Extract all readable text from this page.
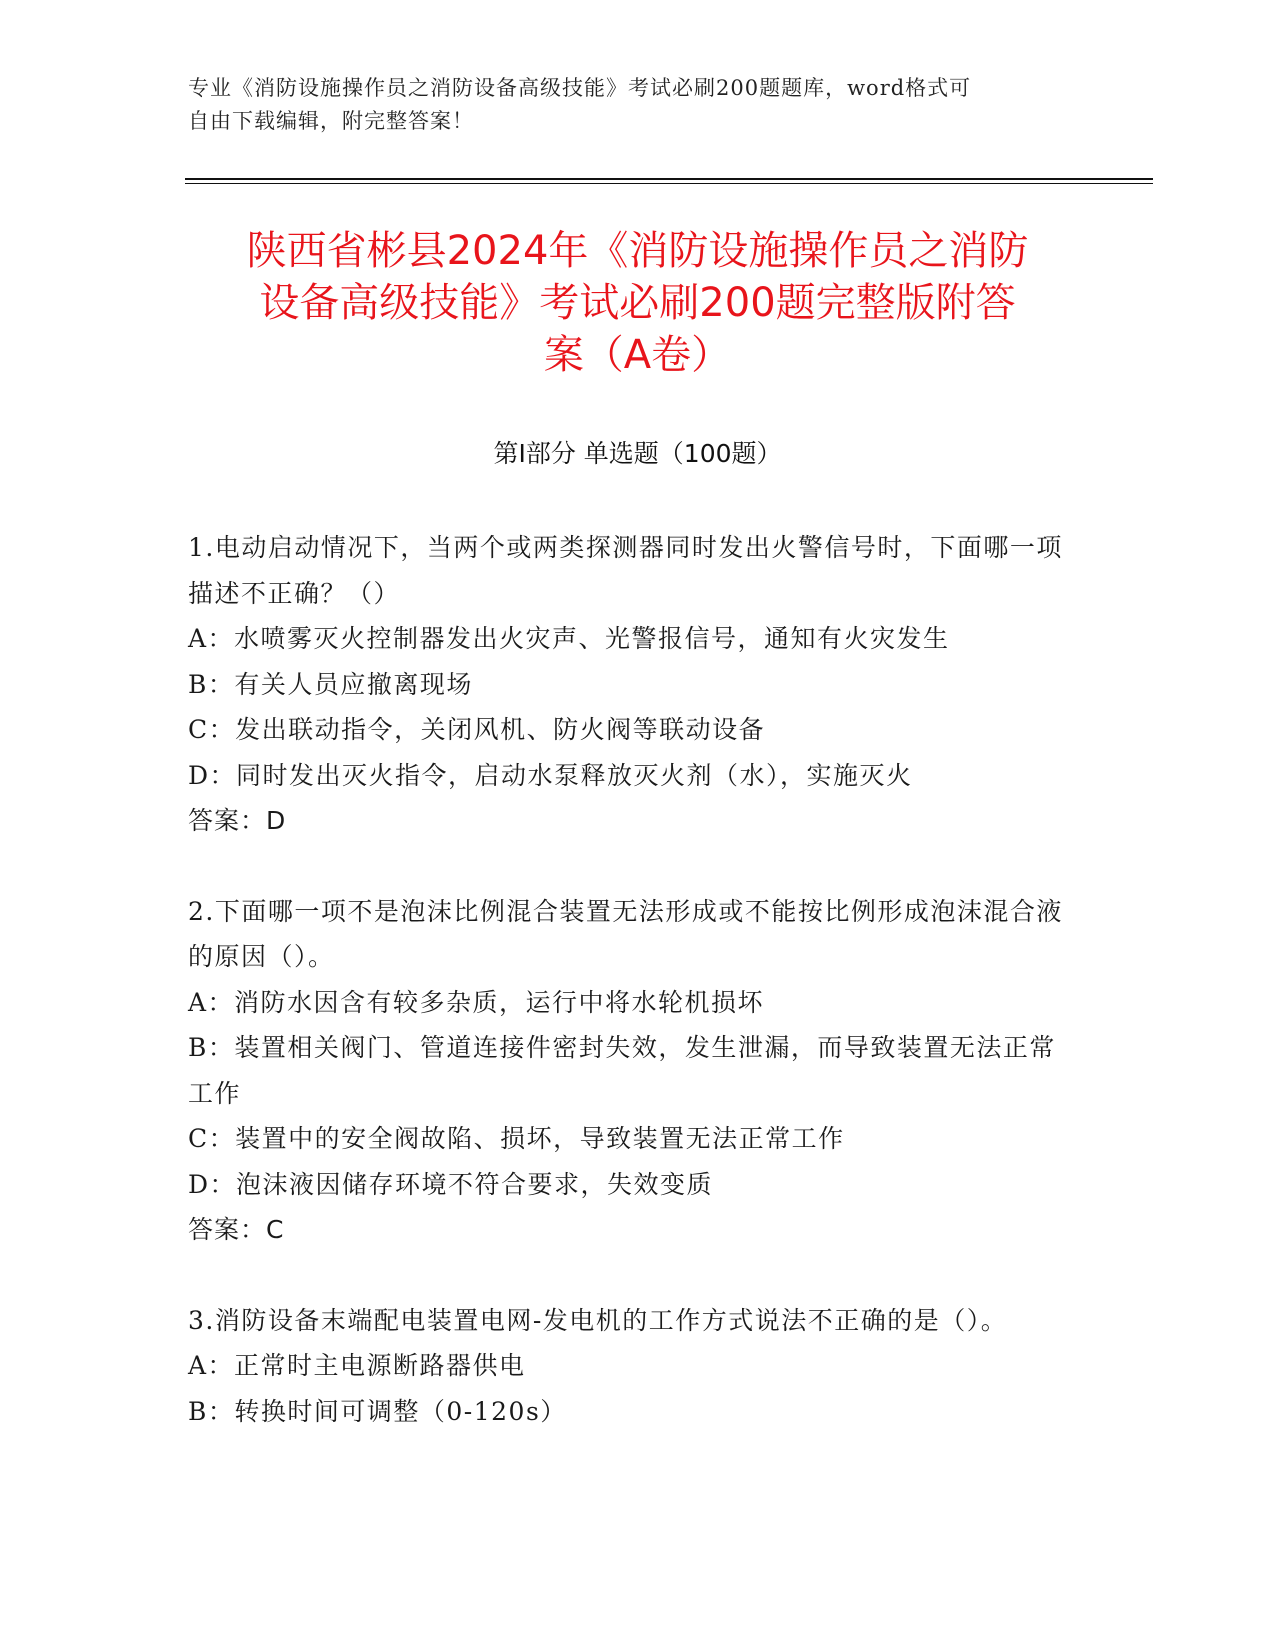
专业《消防设施操作员之消防设备高级技能》考试必刷200题题库，word格式可
自由下载编辑，附完整答案！
陕西省彬县2024年《消防设施操作员之消防
设备高级技能》考试必刷200题完整版附答
案（A卷）
第Ⅰ部分 单选题（100题）

1.电动启动情况下，当两个或两类探测器同时发出火警信号时，下面哪一项描述不正确？（）

A：水喷雾灭火控制器发出火灾声、光警报信号，通知有火灾发生

B：有关人员应撤离现场

C：发出联动指令，关闭风机、防火阀等联动设备

D：同时发出灭火指令，启动水泵释放灭火剂（水），实施灭火

答案：D

2.下面哪一项不是泡沫比例混合装置无法形成或不能按比例形成泡沫混合液的原因（）。

A：消防水因含有较多杂质，运行中将水轮机损坏

B：装置相关阀门、管道连接件密封失效，发生泄漏，而导致装置无法正常工作

C：装置中的安全阀故陷、损坏，导致装置无法正常工作

D：泡沫液因储存环境不符合要求，失效变质

答案：C

3.消防设备末端配电装置电网-发电机的工作方式说法不正确的是（）。

A：正常时主电源断路器供电

B：转换时间可调整（0-120s）
